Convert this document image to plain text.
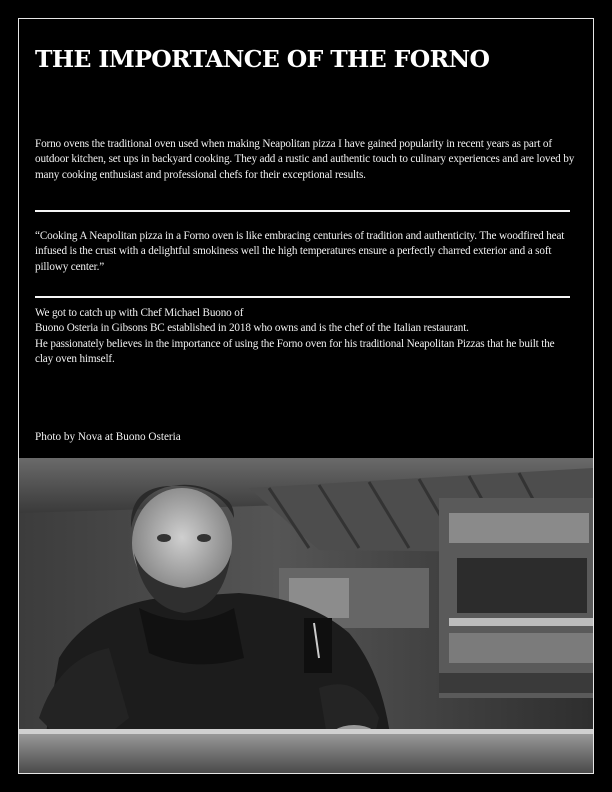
THE IMPORTANCE OF THE FORNO
Forno ovens the traditional oven used when making Neapolitan pizza I have gained popularity in recent years as part of outdoor kitchen, set ups in backyard cooking. They add a rustic and authentic touch to culinary experiences and are loved by many cooking enthusiast and professional chefs for their exceptional results.
“Cooking A Neapolitan pizza in a Forno oven is like embracing centuries of tradition and authenticity. The woodfired heat infused is the crust with a delightful smokiness well the high temperatures ensure a perfectly charred exterior and a soft pillowy center.”
We got to catch up with Chef Michael Buono of
Buono Osteria in Gibsons BC established in 2018 who owns and is the chef of the Italian restaurant.
He passionately believes in the importance of using the Forno oven for his traditional Neapolitan Pizzas that he built the clay oven himself.
Photo by Nova at Buono Osteria
